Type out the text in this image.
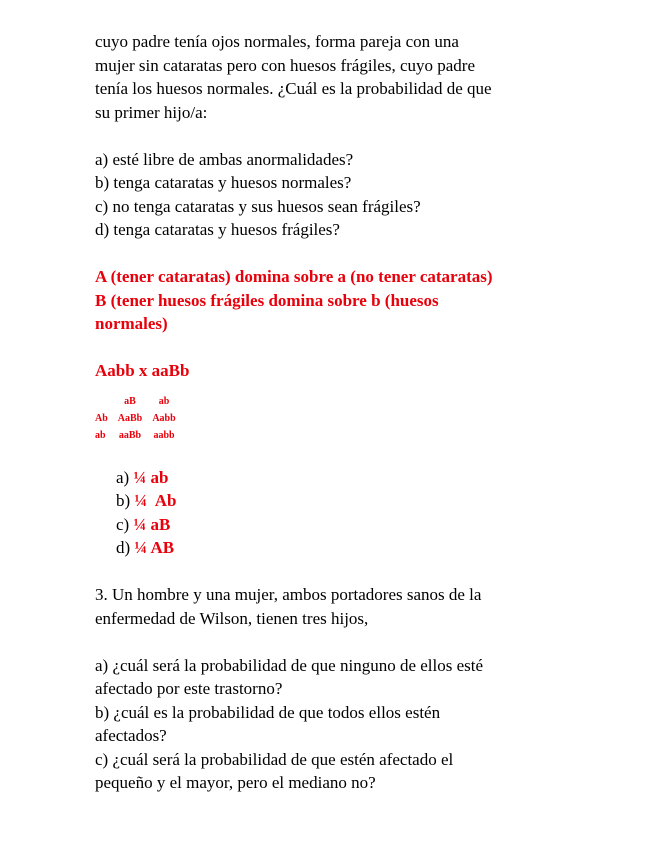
cuyo padre tenía ojos normales, forma pareja con una

mujer sin cataratas pero con huesos frágiles, cuyo padre

tenía los huesos normales. ¿Cuál es la probabilidad de que

su primer hijo/a:

a) esté libre de ambas anormalidades?

b) tenga cataratas y huesos normales?

c) no tenga cataratas y sus huesos sean frágiles?

d) tenga cataratas y huesos frágiles?

A (tener cataratas) domina sobre a (no tener cataratas)

B (tener huesos frágiles domina sobre b (huesos

normales)

Aabb x aaBb

	aB	ab
Ab	AaBb	Aabb
ab	aaBb	aabb
a) ¼ ab
b) ¼  Ab
c) ¼ aB
d) ¼ AB

3. Un hombre y una mujer, ambos portadores sanos de la

enfermedad de Wilson, tienen tres hijos,

a) ¿cuál será la probabilidad de que ninguno de ellos esté

afectado por este trastorno?

b) ¿cuál es la probabilidad de que todos ellos estén

afectados?

c) ¿cuál será la probabilidad de que estén afectado el

pequeño y el mayor, pero el mediano no?
